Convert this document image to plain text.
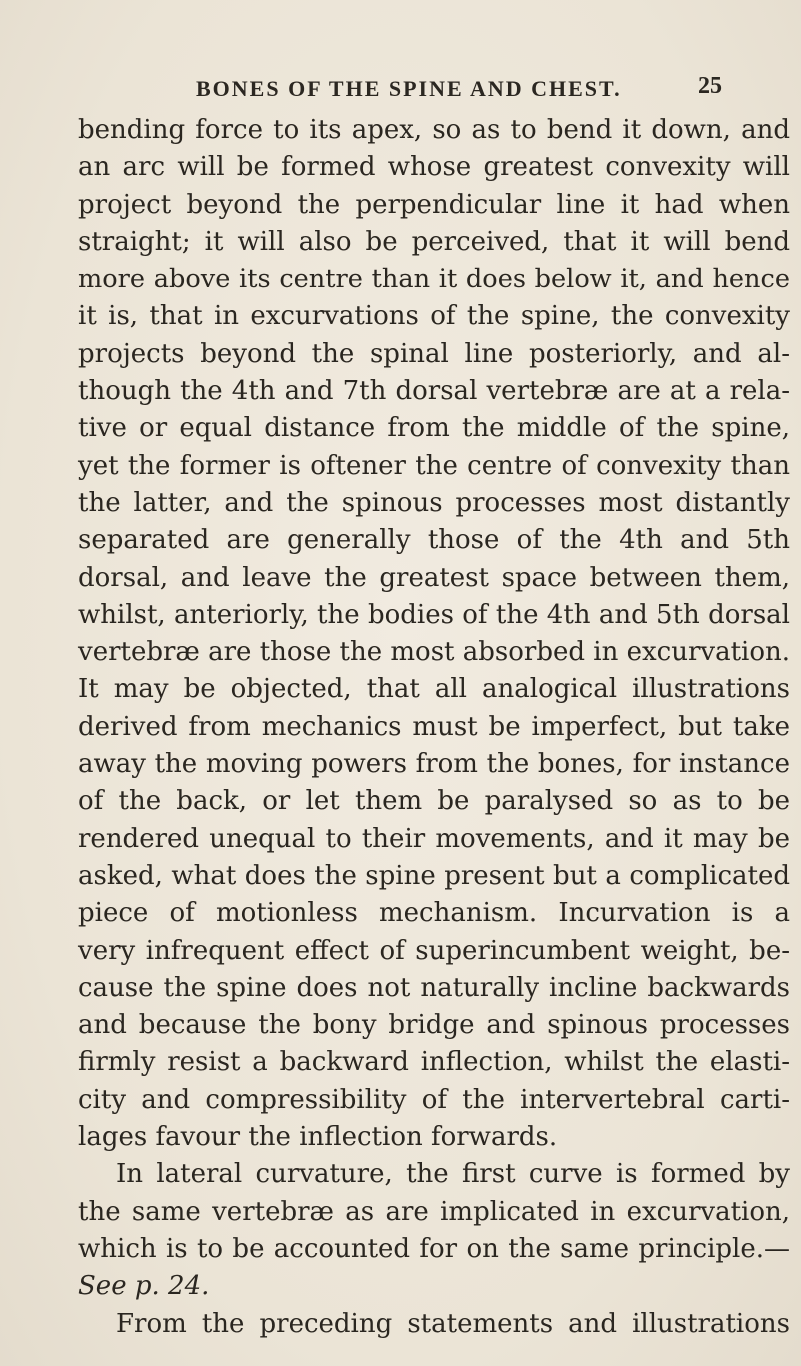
BONES OF THE SPINE AND CHEST.	25
bending force to its apex, so as to bend it down, and
an arc will be formed whose greatest convexity will
project beyond the perpendicular line it had when
straight; it will also be perceived, that it will bend
more above its centre than it does below it, and hence
it is, that in excurvations of the spine, the convexity
projects beyond the spinal line posteriorly, and al-
though the 4th and 7th dorsal vertebræ are at a rela-
tive or equal distance from the middle of the spine,
yet the former is oftener the centre of convexity than
the latter, and the spinous processes most distantly
separated are generally those of the 4th and 5th
dorsal, and leave the greatest space between them,
whilst, anteriorly, the bodies of the 4th and 5th dorsal
vertebræ are those the most absorbed in excurvation.
It may be objected, that all analogical illustrations
derived from mechanics must be imperfect, but take
away the moving powers from the bones, for instance
of the back, or let them be paralysed so as to be
rendered unequal to their movements, and it may be
asked, what does the spine present but a complicated
piece of motionless mechanism. Incurvation is a
very infrequent effect of superincumbent weight, be-
cause the spine does not naturally incline backwards
and because the bony bridge and spinous processes
firmly resist a backward inflection, whilst the elasti-
city and compressibility of the intervertebral carti-
lages favour the inflection forwards.
In lateral curvature, the first curve is formed by
the same vertebræ as are implicated in excurvation,
which is to be accounted for on the same principle.—
See p. 24.
From the preceding statements and illustrations
